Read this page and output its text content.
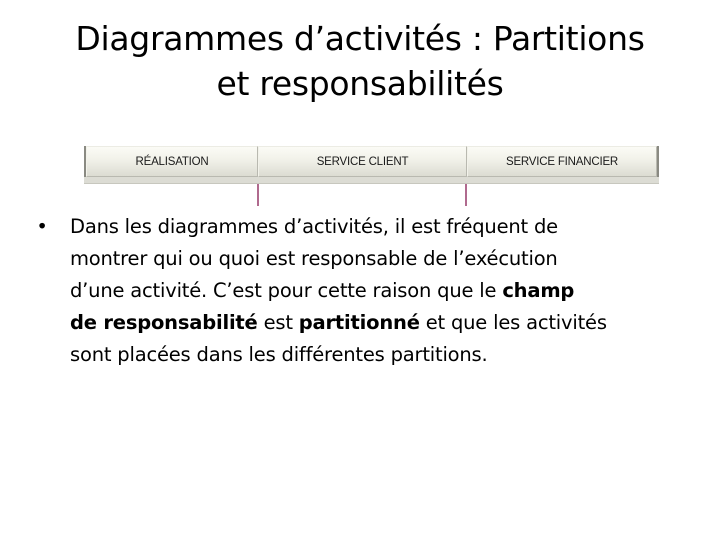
Diagrammes d’activités : Partitions
et responsabilités
RÉALISATION	SERVICE CLIENT	SERVICE FINANCIER
•	Dans les diagrammes d’activités, il est fréquent de
montrer qui ou quoi est responsable de l’exécution
d’une activité. C’est pour cette raison que le champ
de responsabilité est partitionné et que les activités
sont placées dans les différentes partitions.
